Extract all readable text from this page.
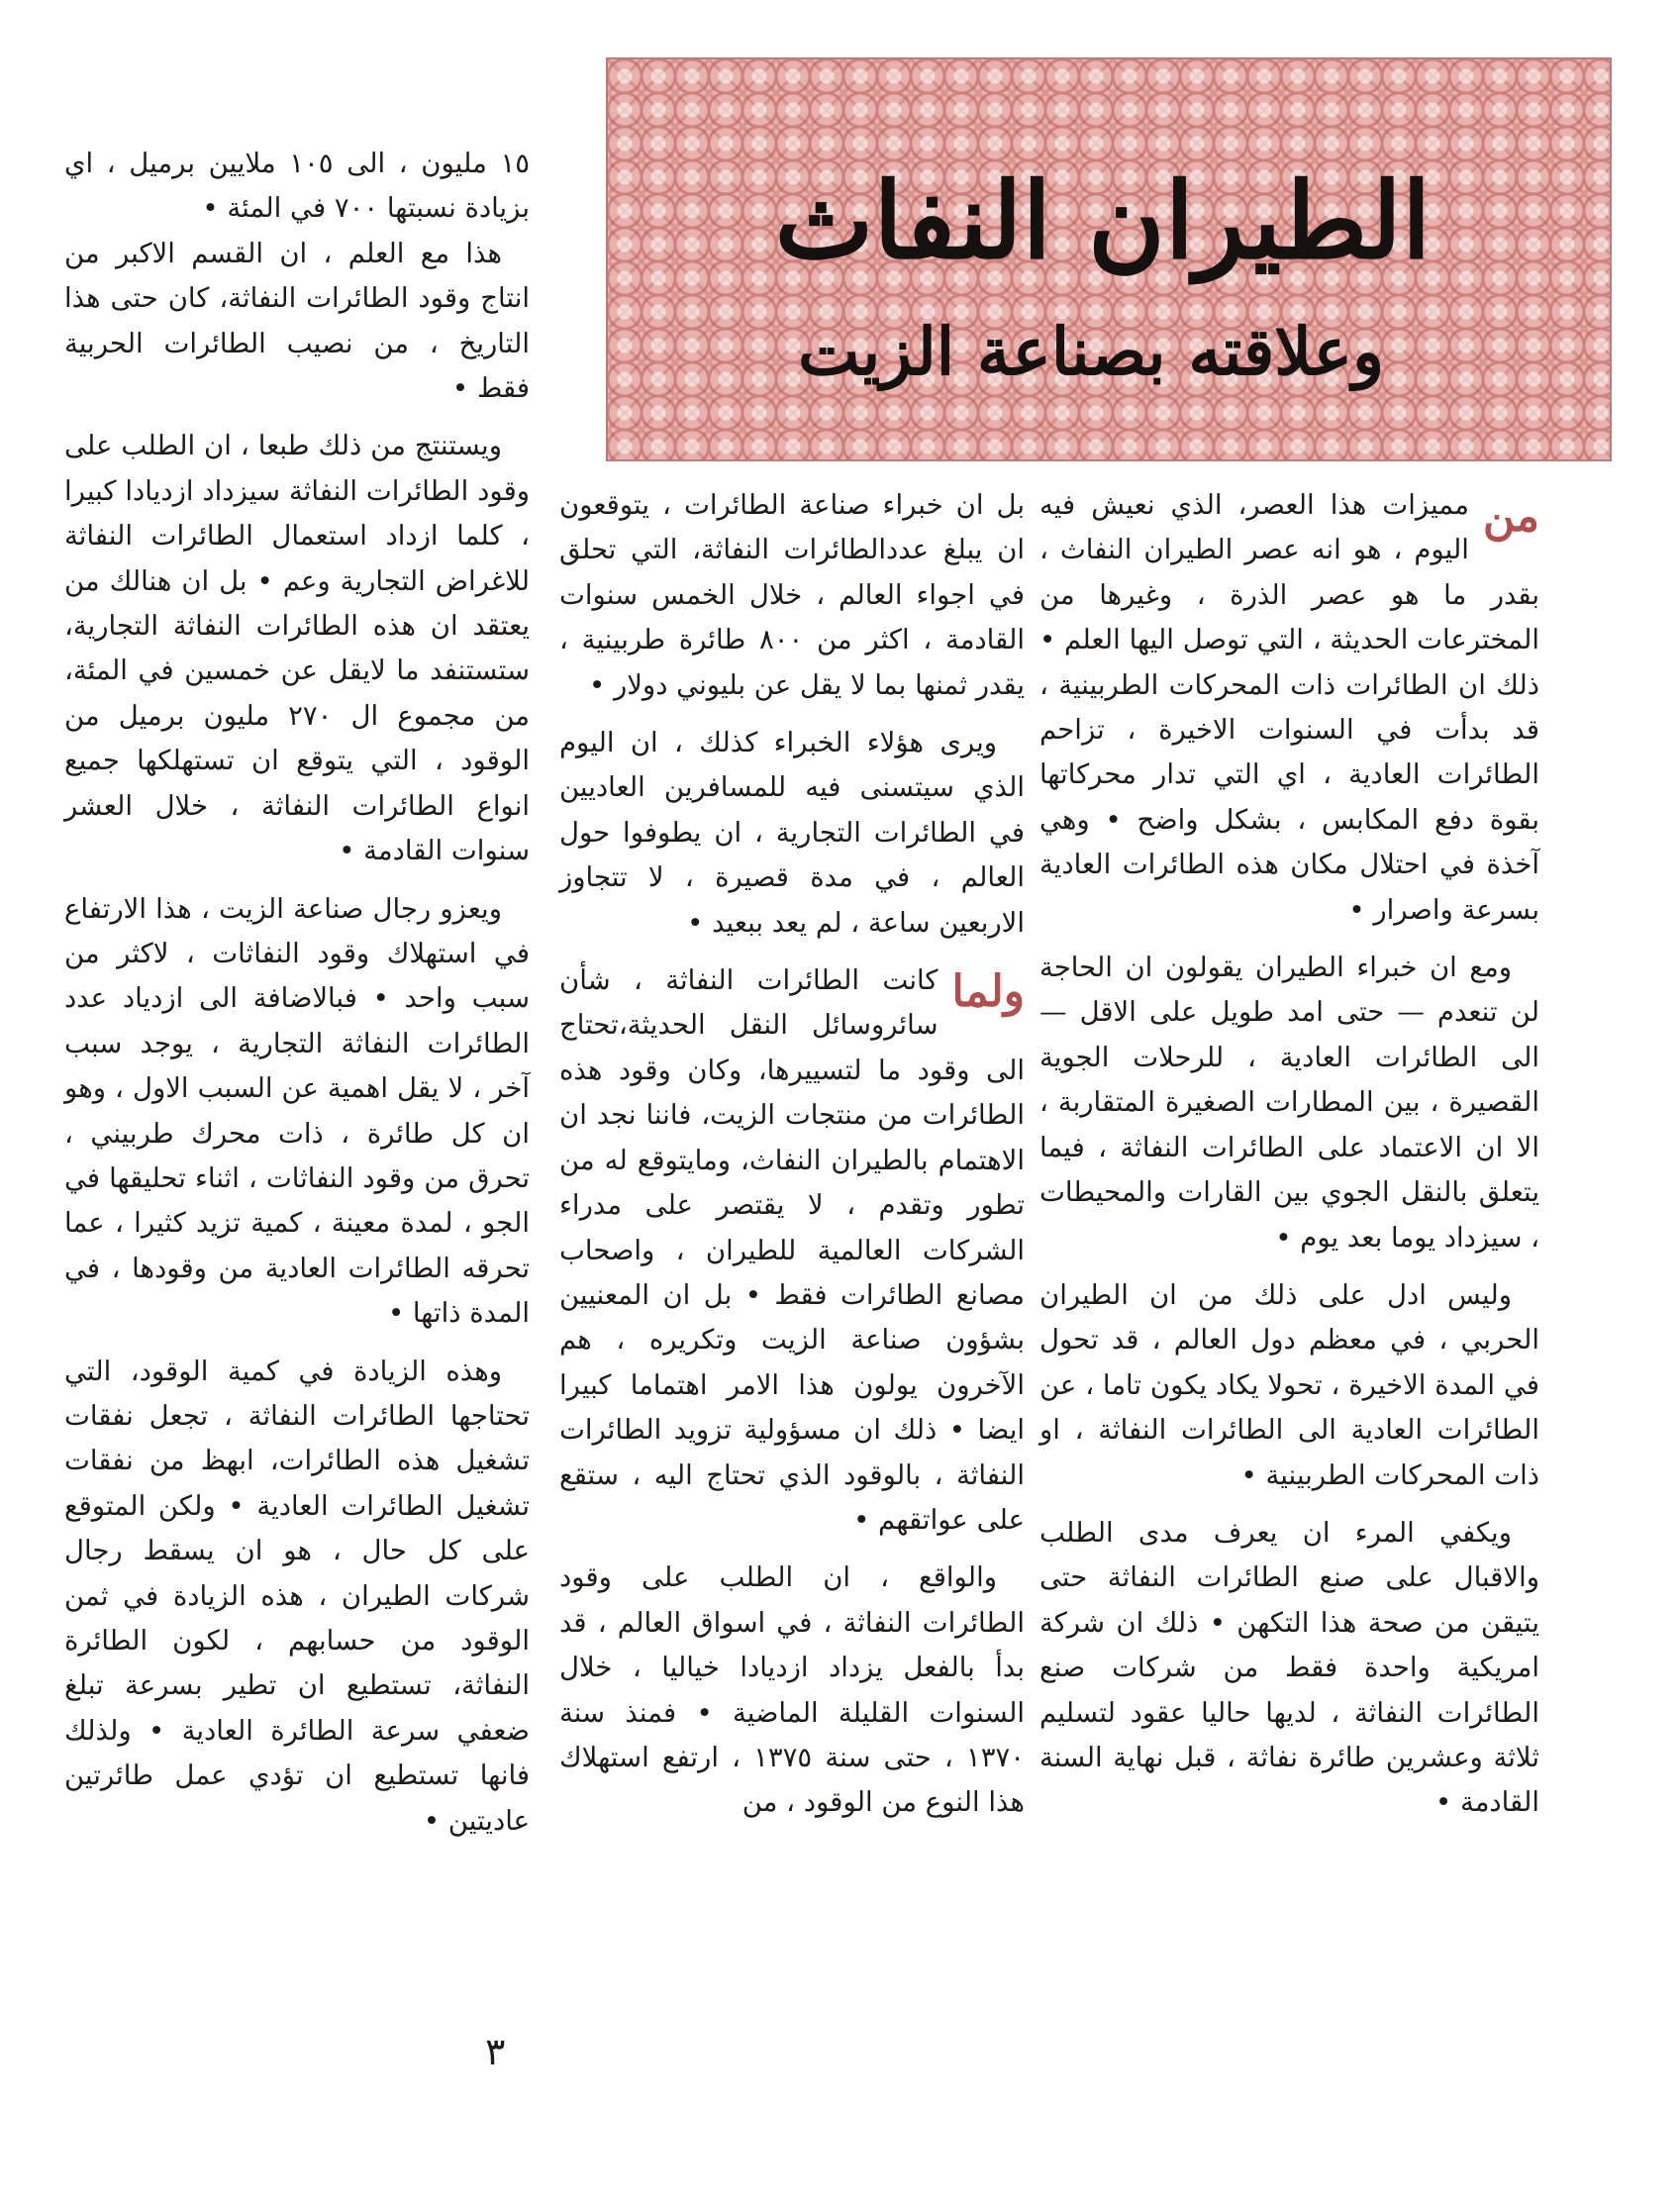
الطيران النفاث
وعلاقته بصناعة الزيت

من
مميزات هذا العصر، الذي نعيش فيه اليوم ، هو انه عصر الطيران النفاث ، بقدر ما هو عصر الذرة ، وغيرها من المخترعات الحديثة ، التي توصل اليها العلم • ذلك ان الطائرات ذات المحركات الطربينية ، قد بدأت في السنوات الاخيرة ، تزاحم الطائرات العادية ، اي التي تدار محركاتها بقوة دفع المكابس ، بشكل واضح • وهي آخذة في احتلال مكان هذه الطائرات العادية بسرعة واصرار •

ومع ان خبراء الطيران يقولون ان الحاجة لن تنعدم — حتى امد طويل على الاقل — الى الطائرات العادية ، للرحلات الجوية القصيرة ، بين المطارات الصغيرة المتقاربة ، الا ان الاعتماد على الطائرات النفاثة ، فيما يتعلق بالنقل الجوي بين القارات والمحيطات ، سيزداد يوما بعد يوم •

وليس ادل على ذلك من ان الطيران الحربي ، في معظم دول العالم ، قد تحول في المدة الاخيرة ، تحولا يكاد يكون تاما ، عن الطائرات العادية الى الطائرات النفاثة ، او ذات المحركات الطربينية •

ويكفي المرء ان يعرف مدى الطلب والاقبال على صنع الطائرات النفاثة حتى يتيقن من صحة هذا التكهن • ذلك ان شركة امريكية واحدة فقط من شركات صنع الطائرات النفاثة ، لديها حاليا عقود لتسليم ثلاثة وعشرين طائرة نفاثة ، قبل نهاية السنة القادمة •

بل ان خبراء صناعة الطائرات ، يتوقعون ان يبلغ عددالطائرات النفاثة، التي تحلق في اجواء العالم ، خلال الخمس سنوات القادمة ، اكثر من ٨٠٠ طائرة طربينية ، يقدر ثمنها بما لا يقل عن بليوني دولار •

ويرى هؤلاء الخبراء كذلك ، ان اليوم الذي سيتسنى فيه للمسافرين العاديين في الطائرات التجارية ، ان يطوفوا حول العالم ، في مدة قصيرة ، لا تتجاوز الاربعين ساعة ، لم يعد ببعيد •

ولما
كانت الطائرات النفاثة ، شأن سائروسائل النقل الحديثة،تحتاج الى وقود ما لتسييرها، وكان وقود هذه الطائرات من منتجات الزيت، فاننا نجد ان الاهتمام بالطيران النفاث، ومايتوقع له من تطور وتقدم ، لا يقتصر على مدراء الشركات العالمية للطيران ، واصحاب مصانع الطائرات فقط • بل ان المعنيين بشؤون صناعة الزيت وتكريره ، هم الآخرون يولون هذا الامر اهتماما كبيرا ايضا • ذلك ان مسؤولية تزويد الطائرات النفاثة ، بالوقود الذي تحتاج اليه ، ستقع على عواتقهم •

والواقع ، ان الطلب على وقود الطائرات النفاثة ، في اسواق العالم ، قد بدأ بالفعل يزداد ازديادا خياليا ، خلال السنوات القليلة الماضية • فمنذ سنة ١٣٧٠ ، حتى سنة ١٣٧٥ ، ارتفع استهلاك هذا النوع من الوقود ، من

١٥ مليون ، الى ١٠٥ ملايين برميل ، اي بزيادة نسبتها ٧٠٠ في المئة •

هذا مع العلم ، ان القسم الاكبر من انتاج وقود الطائرات النفاثة، كان حتى هذا التاريخ ، من نصيب الطائرات الحربية فقط •

ويستنتج من ذلك طبعا ، ان الطلب على وقود الطائرات النفاثة سيزداد ازديادا كبيرا ، كلما ازداد استعمال الطائرات النفاثة للاغراض التجارية وعم • بل ان هنالك من يعتقد ان هذه الطائرات النفاثة التجارية، ستستنفد ما لايقل عن خمسين في المئة، من مجموع ال ٢٧٠ مليون برميل من الوقود ، التي يتوقع ان تستهلكها جميع انواع الطائرات النفاثة ، خلال العشر سنوات القادمة •

ويعزو رجال صناعة الزيت ، هذا الارتفاع في استهلاك وقود النفاثات ، لاكثر من سبب واحد • فبالاضافة الى ازدياد عدد الطائرات النفاثة التجارية ، يوجد سبب آخر ، لا يقل اهمية عن السبب الاول ، وهو ان كل طائرة ، ذات محرك طربيني ، تحرق من وقود النفاثات ، اثناء تحليقها في الجو ، لمدة معينة ، كمية تزيد كثيرا ، عما تحرقه الطائرات العادية من وقودها ، في المدة ذاتها •

وهذه الزيادة في كمية الوقود، التي تحتاجها الطائرات النفاثة ، تجعل نفقات تشغيل هذه الطائرات، ابهظ من نفقات تشغيل الطائرات العادية • ولكن المتوقع على كل حال ، هو ان يسقط رجال شركات الطيران ، هذه الزيادة في ثمن الوقود من حسابهم ، لكون الطائرة النفاثة، تستطيع ان تطير بسرعة تبلغ ضعفي سرعة الطائرة العادية • ولذلك فانها تستطيع ان تؤدي عمل طائرتين عاديتين •

٣
